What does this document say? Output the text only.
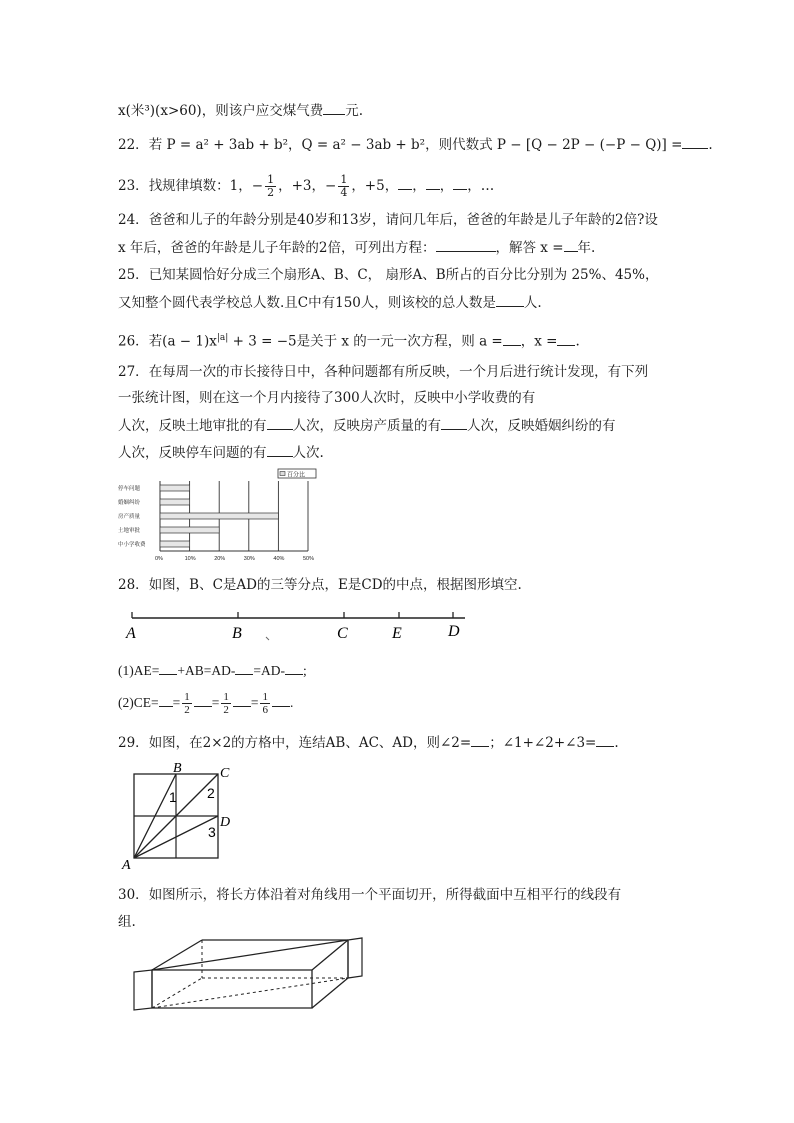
x(米³)(x>60)，则该户应交煤气费 元.
22．若 P = a² + 3ab + b²，Q = a² − 3ab + b²，则代数式 P − [Q − 2P − (−P − Q)] = .
23．找规律填数：1，− $\frac{1}{2}$ ，+3，− $\frac{1}{4}$ ，+5， ， ， ，…
24．爸爸和儿子的年龄分别是40岁和13岁，请问几年后，爸爸的年龄是儿子年龄的2倍?设
x 年后，爸爸的年龄是儿子年龄的2倍，可列出方程：	，解答 x = 年.
25．已知某圆恰好分成三个扇形A、B、C， 扇形A、B所占的百分比分别为 25%、45%，
又知整个圆代表学校总人数.且C中有150人，则该校的总人数是 人.
26．若$(a - 1)x^{|a|} + 3 = -5$是关于 x 的一元一次方程，则 a = ，x = .
27．在每周一次的市长接待日中，各种问题都有所反映，一个月后进行统计发现，有下列
一张统计图，则在这一个月内接待了300人次时，反映中小学收费的有
人次，反映土地审批的有 人次，反映房产质量的有 人次，反映婚姻纠纷的有
人次，反映停车问题的有 人次.
百分比
0%	10%	20%	30%	40%	50%
停车问题
婚姻纠纷
房产质量
土地审批
中小学收费
28．如图，B、C是AD的三等分点，E是CD的中点，根据图形填空.
A	B	C	E	D
(1)AE= +AB=AD- =AD- ;
$(2)CE= = \frac{1}{2} = \frac{1}{2} = \frac{1}{6}$ .
29．如图，在2×2的方格中，连结AB、AC、AD，则∠2= ；∠1+∠2+∠3= .
A
B	C
D
1 2
3
30．如图所示，将长方体沿着对角线用一个平面切开，所得截面中互相平行的线段有
组.
